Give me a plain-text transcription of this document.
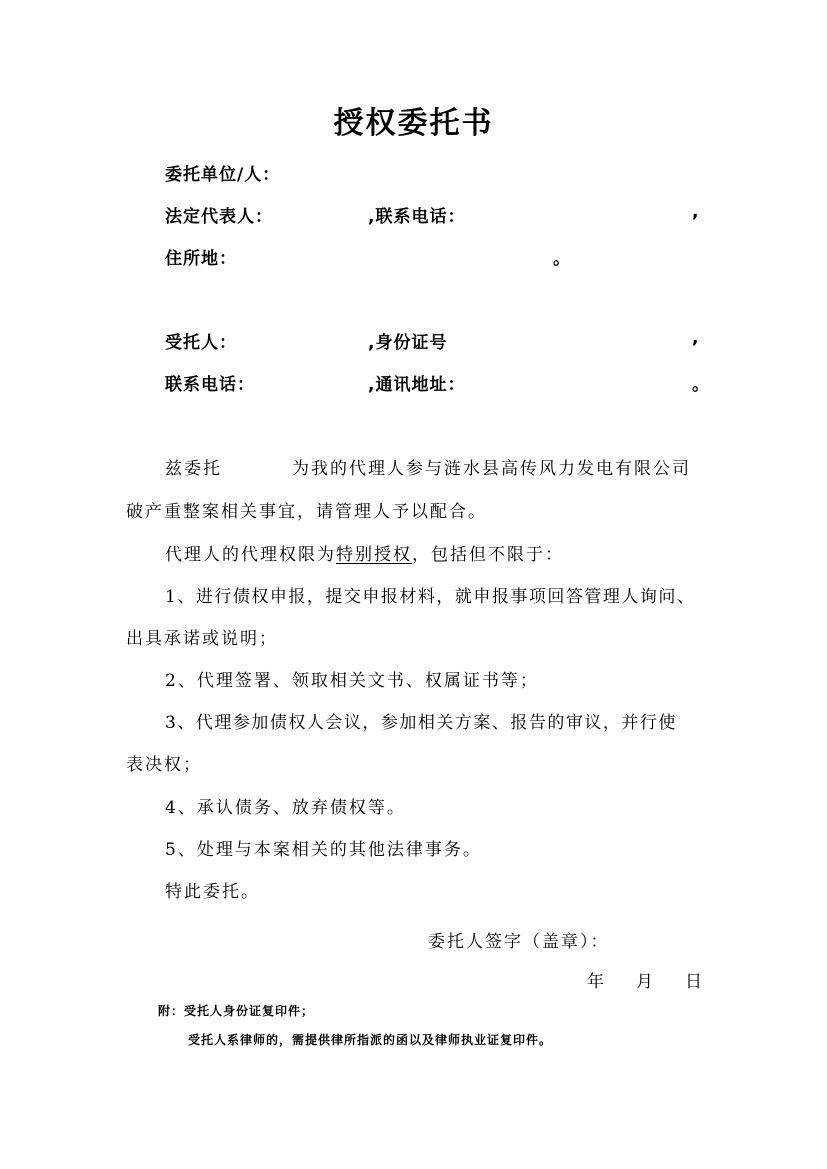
授权委托书
委托单位/人：
法定代表人：	,联系电话：	,
住所地：	。
受托人：	,身份证号	,
联系电话：	,通讯地址：	。
兹委托	为我的代理人参与涟水县高传风力发电有限公司
破产重整案相关事宜，请管理人予以配合。
代理人的代理权限为特别授权，包括但不限于：
1、进行债权申报，提交申报材料，就申报事项回答管理人询问、
出具承诺或说明；
2、代理签署、领取相关文书、权属证书等；
3、代理参加债权人会议，参加相关方案、报告的审议，并行使
表决权；
4、承认债务、放弃债权等。
5、处理与本案相关的其他法律事务。
特此委托。
委托人签字（盖章）：
年 月 日
附：受托人身份证复印件；
受托人系律师的，需提供律所指派的函以及律师执业证复印件。
